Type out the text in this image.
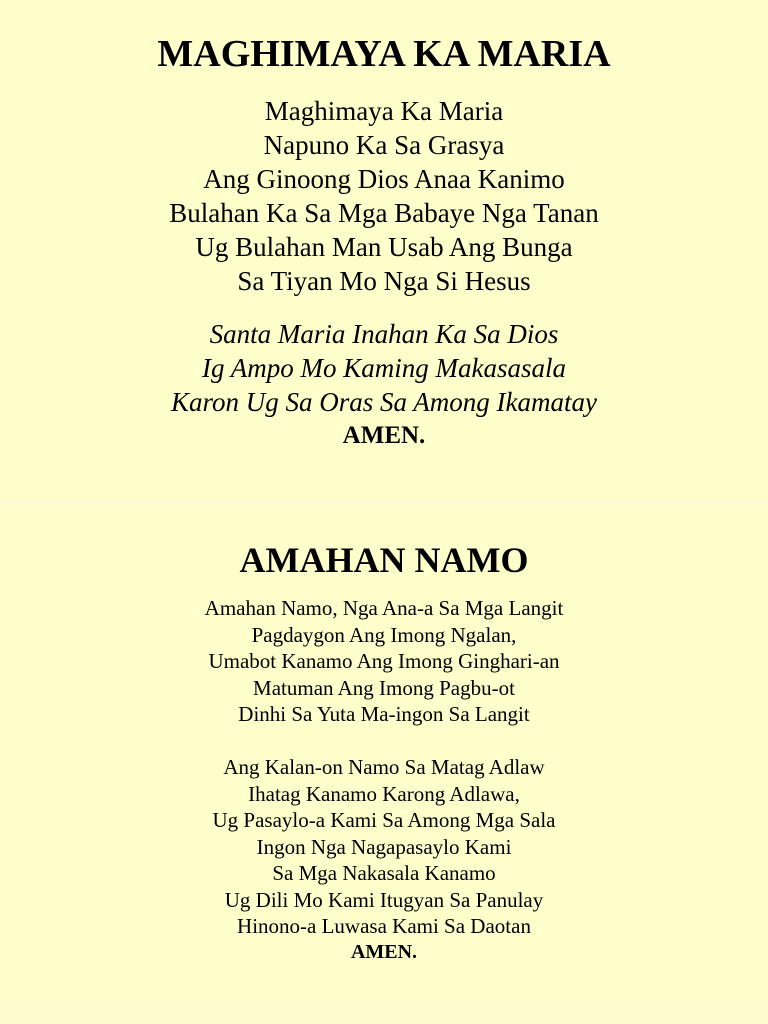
MAGHIMAYA KA MARIA
Maghimaya Ka Maria
Napuno Ka Sa Grasya
Ang Ginoong Dios Anaa Kanimo
Bulahan Ka Sa Mga Babaye Nga Tanan
Ug Bulahan Man Usab Ang Bunga
Sa Tiyan Mo Nga Si Hesus
Santa Maria Inahan Ka Sa Dios
Ig Ampo Mo Kaming Makasasala
Karon Ug Sa Oras Sa Among Ikamatay
AMEN.
AMAHAN NAMO
Amahan Namo, Nga Ana-a Sa Mga Langit
Pagdaygon Ang Imong Ngalan,
Umabot Kanamo Ang Imong Ginghari-an
Matuman Ang Imong Pagbu-ot
Dinhi Sa Yuta Ma-ingon Sa Langit
Ang Kalan-on Namo Sa Matag Adlaw
Ihatag Kanamo Karong Adlawa,
Ug Pasaylo-a Kami Sa Among Mga Sala
Ingon Nga Nagapasaylo Kami
Sa Mga Nakasala Kanamo
Ug Dili Mo Kami Itugyan Sa Panulay
Hinono-a Luwasa Kami Sa Daotan
AMEN.
